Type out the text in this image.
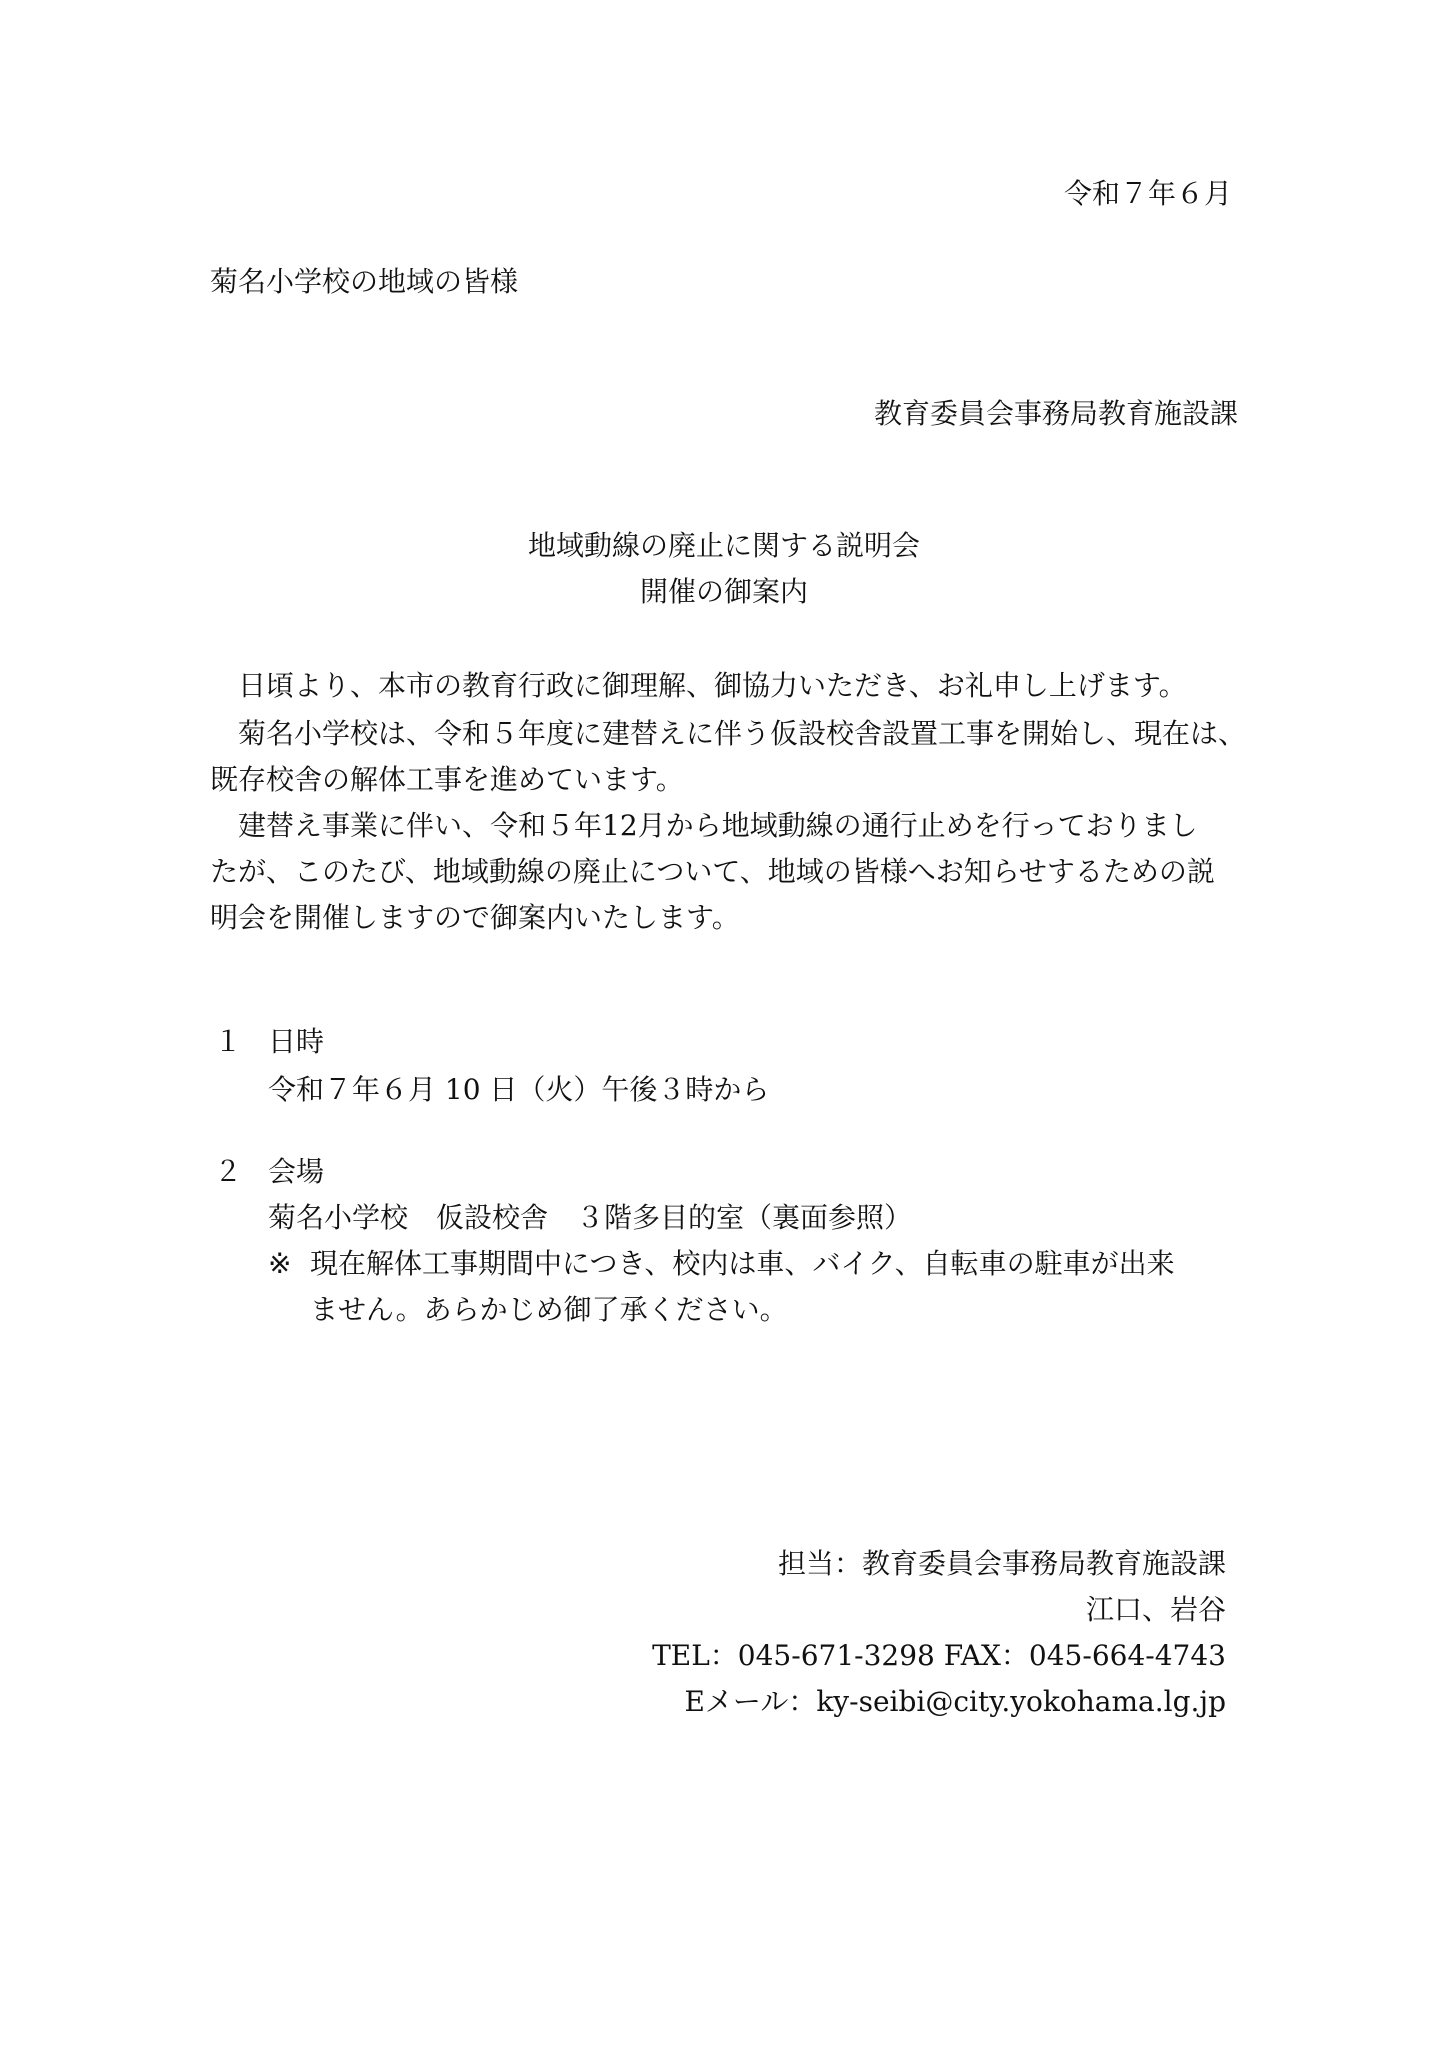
令和７年６月
菊名小学校の地域の皆様
教育委員会事務局教育施設課
地域動線の廃止に関する説明会
開催の御案内
日頃より、本市の教育行政に御理解、御協力いただき、お礼申し上げます。
菊名小学校は、令和５年度に建替えに伴う仮設校舎設置工事を開始し、現在は、
既存校舎の解体工事を進めています。
建替え事業に伴い、令和５年12月から地域動線の通行止めを行っておりまし
たが、このたび、地域動線の廃止について、地域の皆様へお知らせするための説
明会を開催しますので御案内いたします。
１ 日時
令和７年６月 10 日（火）午後３時から
２ 会場
菊名小学校　仮設校舎　３階多目的室（裏面参照）
※ 現在解体工事期間中につき、校内は車、バイク、自転車の駐車が出来
ません。あらかじめ御了承ください。
担当：教育委員会事務局教育施設課
江口、岩谷
TEL：045-671-3298 FAX：045-664-4743
Eメール：ky-seibi@city.yokohama.lg.jp
